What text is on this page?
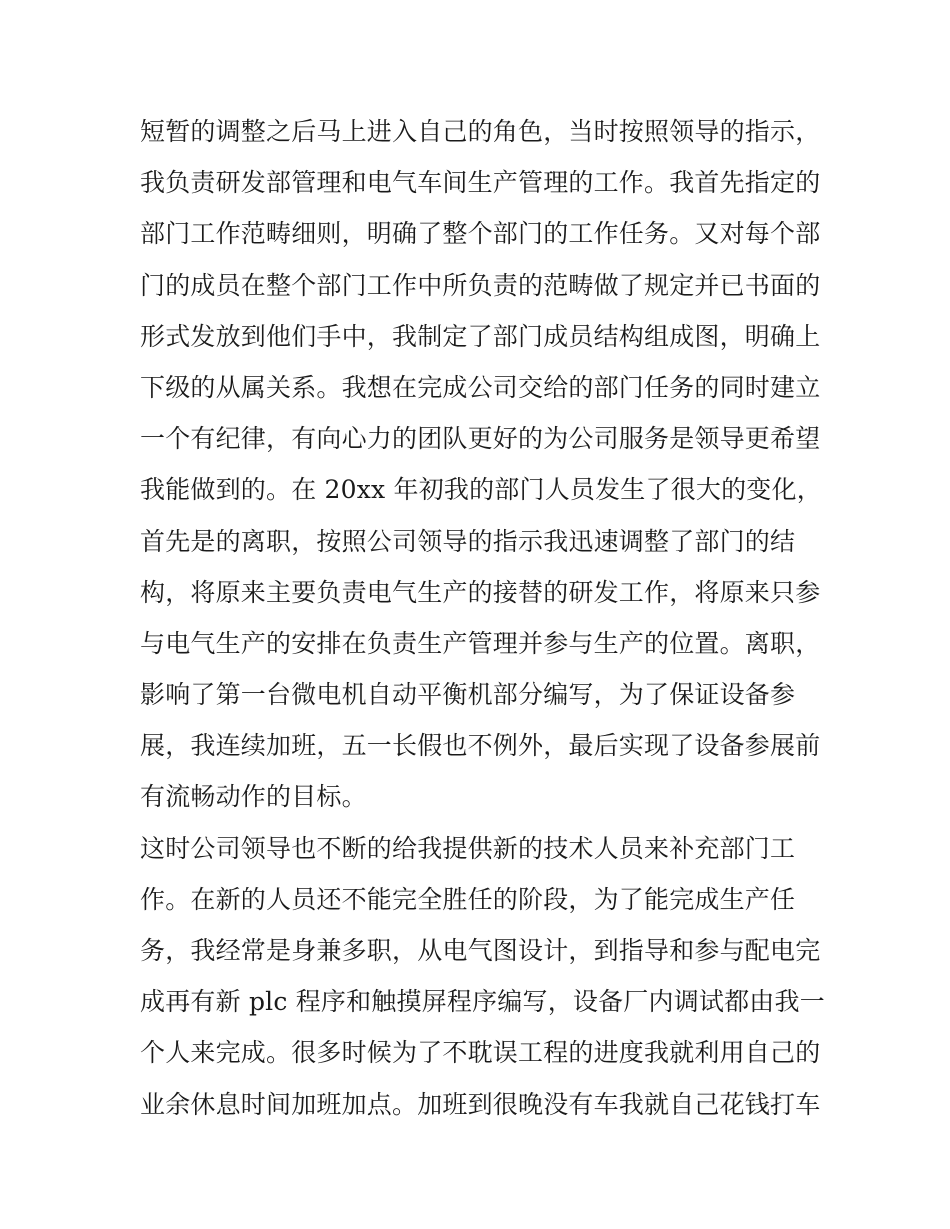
短暂的调整之后马上进入自己的角色，当时按照领导的指示，
我负责研发部管理和电气车间生产管理的工作。我首先指定的
部门工作范畴细则，明确了整个部门的工作任务。又对每个部
门的成员在整个部门工作中所负责的范畴做了规定并已书面的
形式发放到他们手中，我制定了部门成员结构组成图，明确上
下级的从属关系。我想在完成公司交给的部门任务的同时建立
一个有纪律，有向心力的团队更好的为公司服务是领导更希望
我能做到的。在 20xx 年初我的部门人员发生了很大的变化，
首先是的离职，按照公司领导的指示我迅速调整了部门的结
构，将原来主要负责电气生产的接替的研发工作，将原来只参
与电气生产的安排在负责生产管理并参与生产的位置。离职，
影响了第一台微电机自动平衡机部分编写，为了保证设备参
展，我连续加班，五一长假也不例外，最后实现了设备参展前
有流畅动作的目标。
这时公司领导也不断的给我提供新的技术人员来补充部门工
作。在新的人员还不能完全胜任的阶段，为了能完成生产任
务，我经常是身兼多职，从电气图设计，到指导和参与配电完
成再有新 plc 程序和触摸屏程序编写，设备厂内调试都由我一
个人来完成。很多时候为了不耽误工程的进度我就利用自己的
业余休息时间加班加点。加班到很晚没有车我就自己花钱打车
